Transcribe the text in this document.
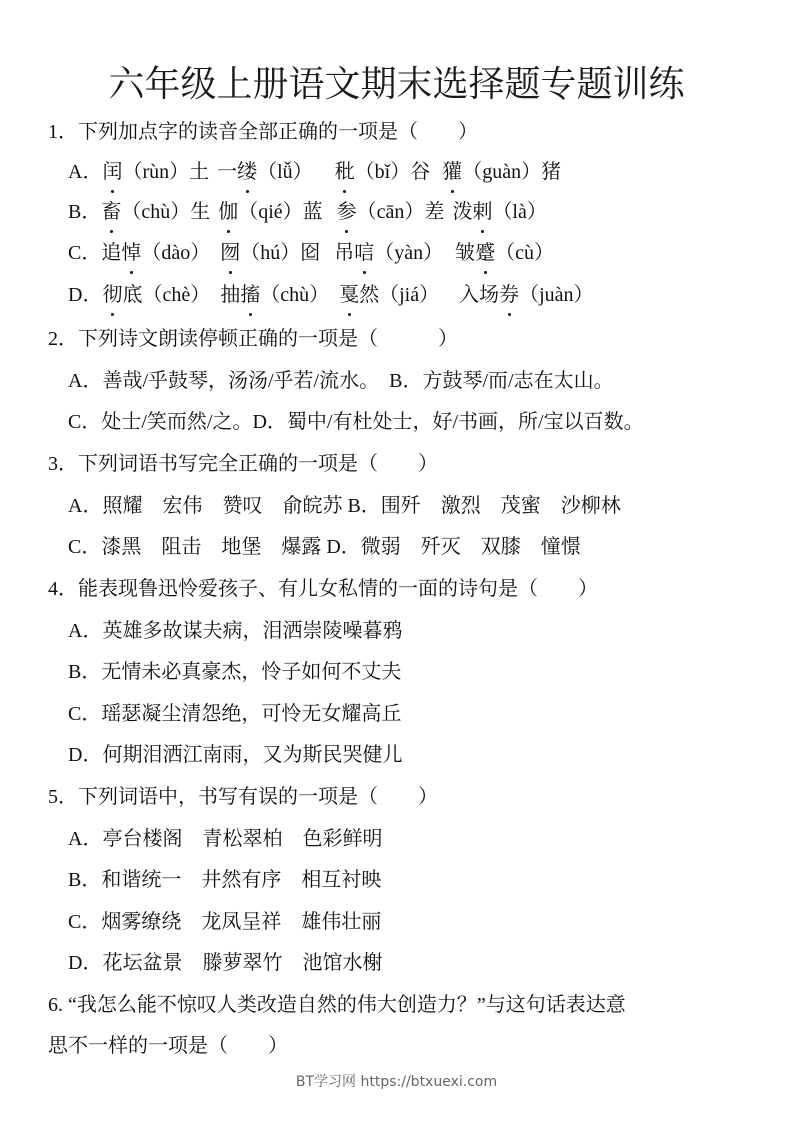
六年级上册语文期末选择题专题训练
1．下列加点字的读音全部正确的一项是（　　）
A．闰（rùn）土 一缕（lǚ） 秕（bǐ）谷 獾（guàn）猪
B．畜（chù）生 伽（qié）蓝 参（cān）差 泼剌（là）
C．追悼（dào） 囫（hú）囵 吊唁（yàn） 皱蹙（cù）
D．彻底（chè） 抽搐（chù） 戛然（jiá） 入场券（juàn）
2．下列诗文朗读停顿正确的一项是（　　　）
A．善哉/乎鼓琴，汤汤/乎若/流水。　B．方鼓琴/而/志在太山。
C．处士/笑而然/之。D．蜀中/有杜处士，好/书画，所/宝以百数。
3．下列词语书写完全正确的一项是（　　）
A．照耀　宏伟　赞叹　俞皖苏 B．围歼　激烈　茂蜜　沙柳林
C．漆黑　阻击　地堡　爆露 D．微弱　歼灭　双膝　憧憬
4．能表现鲁迅怜爱孩子、有儿女私情的一面的诗句是（　　）
A．英雄多故谋夫病，泪洒崇陵噪暮鸦
B．无情未必真豪杰，怜子如何不丈夫
C．瑶瑟凝尘清怨绝，可怜无女耀高丘
D．何期泪洒江南雨，又为斯民哭健儿
5．下列词语中，书写有误的一项是（　　）
A．亭台楼阁　青松翠柏　色彩鲜明
B．和谐统一　井然有序　相互衬映
C．烟雾缭绕　龙凤呈祥　雄伟壮丽
D．花坛盆景　滕萝翠竹　池馆水榭
6. “我怎么能不惊叹人类改造自然的伟大创造力？”与这句话表达意
思不一样的一项是（　　）
BT学习网 https://btxuexi.com
